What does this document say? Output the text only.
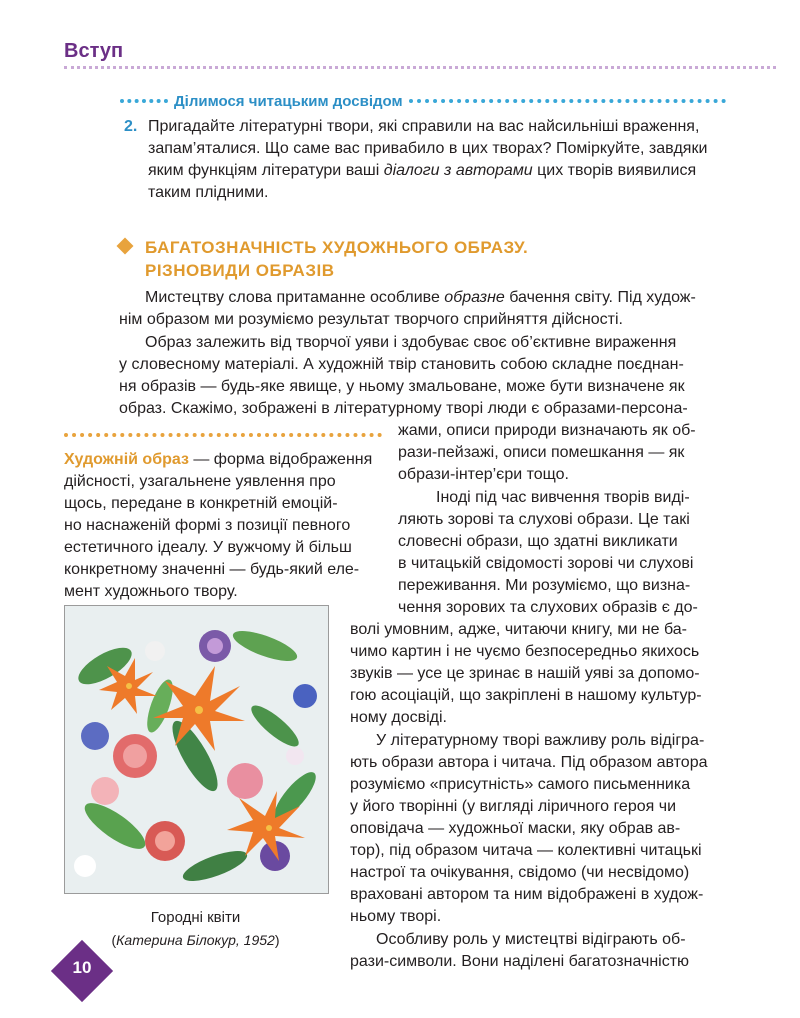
Вступ
Ділимося читацьким досвідом
2. Пригадайте літературні твори, які справили на вас найсильніші враження,
запам’яталися. Що саме вас привабило в цих творах? Поміркуйте, завдяки
яким функціям літератури ваші діалоги з авторами цих творів виявилися
таким плідними.
БАГАТОЗНАЧНІСТЬ ХУДОЖНЬОГО ОБРАЗУ.
РІЗНОВИДИ ОБРАЗІВ
Мистецтву слова притаманне особливе образне бачення світу. Під худож-
нім образом ми розуміємо результат творчого сприйняття дійсності.
Образ залежить від творчої уяви і здобуває своє об’єктивне вираження
у словесному матеріалі. А художній твір становить собою складне поєднан-
ня образів — будь-яке явище, у ньому змальоване, може бути визначене як
образ. Скажімо, зображені в літературному творі люди є образами-персона-
жами, описи природи визначають як об-
рази-пейзажі, описи помешкання — як
образи-інтер’єри тощо.
Іноді під час вивчення творів виді-
ляють зорові та слухові образи. Це такі
словесні образи, що здатні викликати
в читацькій свідомості зорові чи слухові
переживання. Ми розуміємо, що визна-
чення зорових та слухових образів є до-
волі умовним, адже, читаючи книгу, ми не ба-
чимо картин і не чуємо безпосередньо якихось
звуків — усе це зринає в нашій уяві за допомо-
гою асоціацій, що закріплені в нашому культур-
ному досвіді.
У літературному творі важливу роль відігра-
ють образи автора і читача. Під образом автора
розуміємо «присутність» самого письменника
у його творінні (у вигляді ліричного героя чи
оповідача — художньої маски, яку обрав ав-
тор), під образом читача — колективні читацькі
настрої та очікування, свідомо (чи несвідомо)
враховані автором та ним відображені в худож-
ньому творі.
Особливу роль у мистецтві відіграють об-
рази-символи. Вони наділені багатозначністю
Художній образ — форма відображення
дійсності, узагальнене уявлення про
щось, передане в конкретній емоцій-
но наснаженій формі з позиції певного
естетичного ідеалу. У вужчому й більш
конкретному значенні — будь-який еле-
мент художнього твору.
Городні квіти
(Катерина Білокур, 1952)
10
